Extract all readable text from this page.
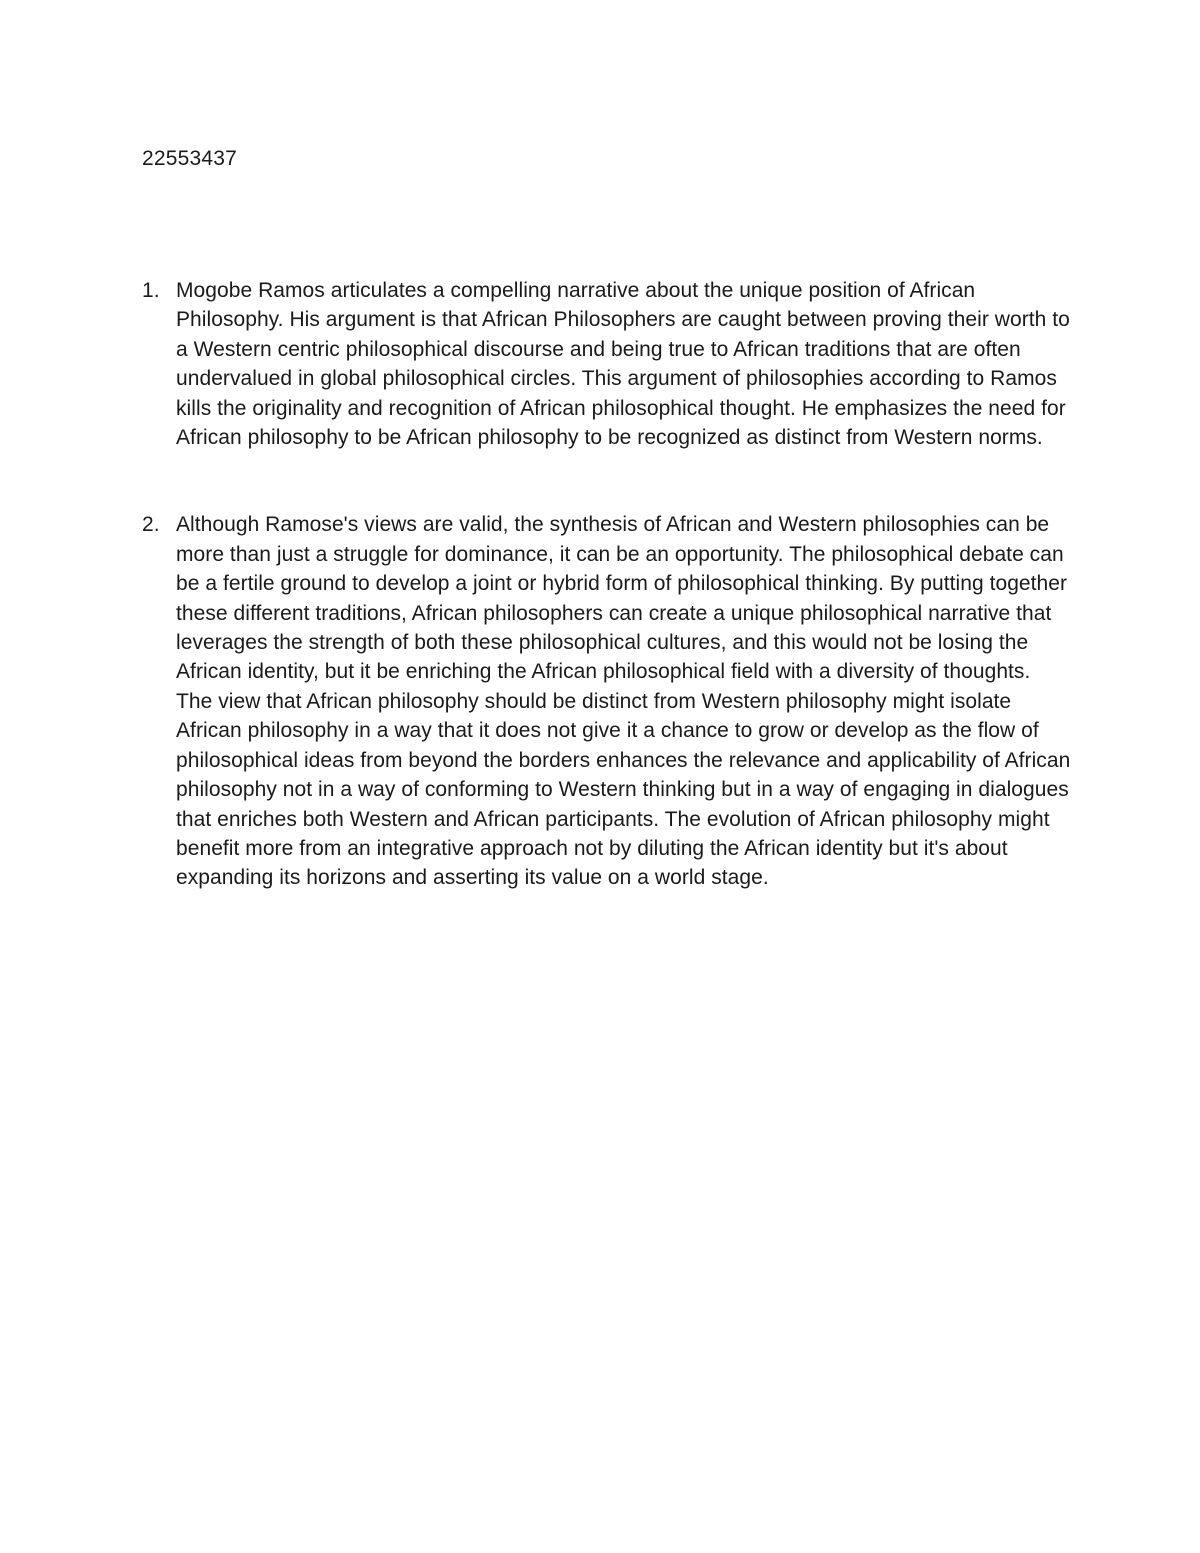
22553437
1. Mogobe Ramos articulates a compelling narrative about the unique position of African Philosophy. His argument is that African Philosophers are caught between proving their worth to a Western centric philosophical discourse and being true to African traditions that are often undervalued in global philosophical circles. This argument of philosophies according to Ramos kills the originality and recognition of African philosophical thought. He emphasizes the need for African philosophy to be African philosophy to be recognized as distinct from Western norms.
2. Although Ramose's views are valid, the synthesis of African and Western philosophies can be more than just a struggle for dominance, it can be an opportunity. The philosophical debate can be a fertile ground to develop a joint or hybrid form of philosophical thinking. By putting together these different traditions, African philosophers can create a unique philosophical narrative that leverages the strength of both these philosophical cultures, and this would not be losing the African identity, but it be enriching the African philosophical field with a diversity of thoughts. The view that African philosophy should be distinct from Western philosophy might isolate African philosophy in a way that it does not give it a chance to grow or develop as the flow of philosophical ideas from beyond the borders enhances the relevance and applicability of African philosophy not in a way of conforming to Western thinking but in a way of engaging in dialogues that enriches both Western and African participants. The evolution of African philosophy might benefit more from an integrative approach not by diluting the African identity but it's about expanding its horizons and asserting its value on a world stage.
